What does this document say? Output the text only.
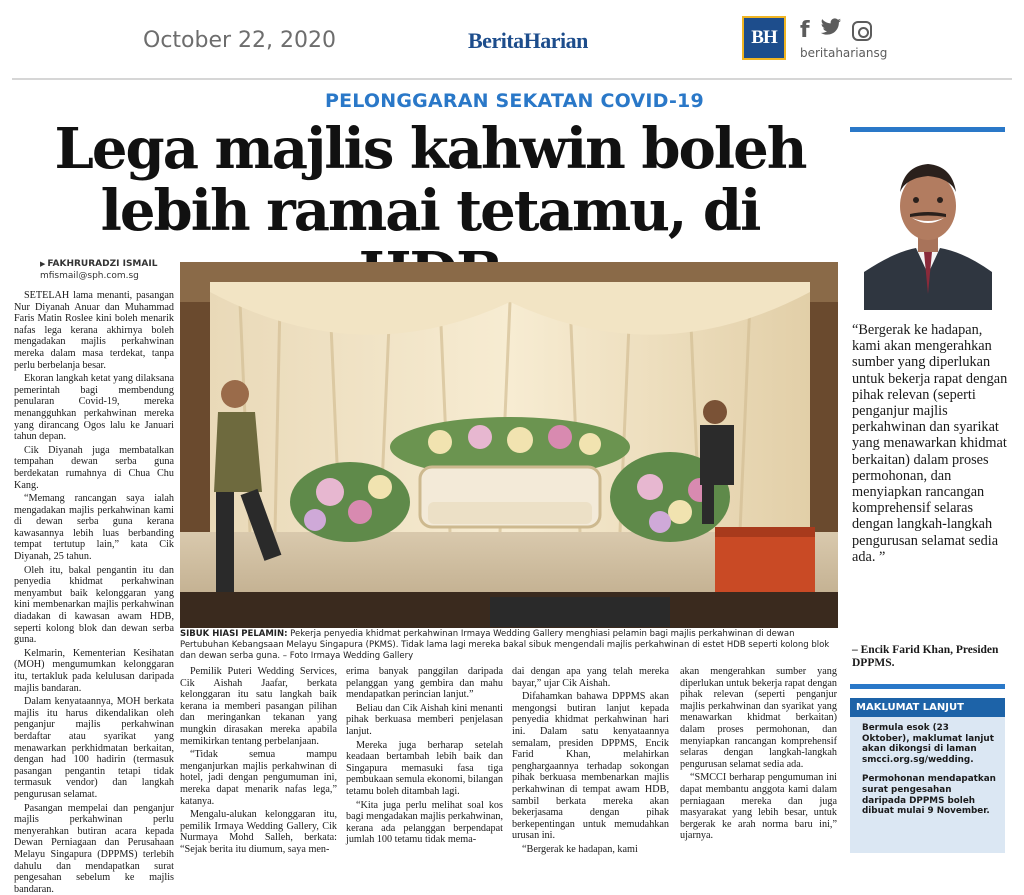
October 22, 2020	BeritaHarian	BH	f
beritahariansg
PELONGGARAN SEKATAN COVID-19
Lega majlis kahwin boleh
lebih ramai tetamu, di
▶ FAKHRURADZI ISMAIL
mfismail@sph.com.sg
SIBUK HIASI PELAMIN: Pekerja penyedia khidmat perkahwinan Irmaya Wedding Gallery menghiasi pelamin bagi majlis perkahwinan di dewan Pertubuhan Kebangsaan Melayu Singapura (PKMS). Tidak lama lagi mereka bakal sibuk mengendali majlis perkahwinan di estet HDB seperti kolong blok dan dewan serba guna. – Foto Irmaya Wedding Gallery

SETELAH lama menanti, pasangan Nur Diyanah Anuar dan Muhammad Faris Matin Roslee kini boleh menarik nafas lega kerana akhirnya boleh mengadakan majlis perkahwinan mereka dalam masa terdekat, tanpa perlu berbelanja besar.

Ekoran langkah ketat yang dilaksana pemerintah bagi membendung penularan Covid-19, mereka menangguhkan perkahwinan mereka yang dirancang Ogos lalu ke Januari tahun depan.

Cik Diyanah juga membatalkan tempahan dewan serba guna berdekatan rumahnya di Chua Chu Kang.

“Memang rancangan saya ialah mengadakan majlis perkahwinan kami di dewan serba guna kerana kawasannya lebih luas berbanding tempat tertutup lain,” kata Cik Diyanah, 25 tahun.

Oleh itu, bakal pengantin itu dan penyedia khidmat perkahwinan menyambut baik kelonggaran yang kini membenarkan majlis perkahwinan diadakan di kawasan awam HDB, seperti kolong blok dan dewan serba guna.

Kelmarin, Kementerian Kesihatan (MOH) mengumumkan kelonggaran itu, tertakluk pada kelulusan daripada majlis bandaran.

Dalam kenyataannya, MOH berkata majlis itu harus dikendalikan oleh penganjur majlis perkahwinan berdaftar atau syarikat yang menawarkan perkhidmatan berkaitan, dengan had 100 hadirin (termasuk pasangan pengantin tetapi tidak termasuk vendor) dan langkah pengurusan selamat.

Pasangan mempelai dan penganjur majlis perkahwinan perlu menyerahkan butiran acara kepada Dewan Perniagaan dan Perusahaan Melayu Singapura (DPPMS) terlebih dahulu dan mendapatkan surat pengesahan sebelum ke majlis bandaran.

Pemilik Puteri Wedding Services, Cik Aishah Jaafar, berkata kelonggaran itu satu langkah baik kerana ia memberi pasangan pilihan dan meringankan tekanan yang mungkin dirasakan mereka apabila memikirkan tentang perbelanjaan.

“Tidak semua mampu menganjurkan majlis perkahwinan di hotel, jadi dengan pengumuman ini, mereka dapat menarik nafas lega,” katanya.

Mengalu-alukan kelonggaran itu, pemilik Irmaya Wedding Gallery, Cik Nurmaya Mohd Salleh, berkata: “Sejak berita itu diumum, saya men-

erima banyak panggilan daripada pelanggan yang gembira dan mahu mendapatkan perincian lanjut.”

Beliau dan Cik Aishah kini menanti pihak berkuasa memberi penjelasan lanjut.

Mereka juga berharap setelah keadaan bertambah lebih baik dan Singapura memasuki fasa tiga pembukaan semula ekonomi, bilangan tetamu boleh ditambah lagi.

“Kita juga perlu melihat soal kos bagi mengadakan majlis perkahwinan, kerana ada pelanggan berpendapat jumlah 100 tetamu tidak mema-

dai dengan apa yang telah mereka bayar,” ujar Cik Aishah.

Difahamkan bahawa DPPMS akan mengongsi butiran lanjut kepada penyedia khidmat perkahwinan hari ini. Dalam satu kenyataannya semalam, presiden DPPMS, Encik Farid Khan, melahirkan penghargaannya terhadap sokongan pihak berkuasa membenarkan majlis perkahwinan di tempat awam HDB, sambil berkata mereka akan bekerjasama dengan pihak berkepentingan untuk memudahkan urusan ini.

“Bergerak ke hadapan, kami

akan mengerahkan sumber yang diperlukan untuk bekerja rapat dengan pihak relevan (seperti penganjur majlis perkahwinan dan syarikat yang menawarkan khidmat berkaitan) dalam proses permohonan, dan menyiapkan rancangan komprehensif selaras dengan langkah-langkah pengurusan selamat sedia ada.

“SMCCI berharap pengumuman ini dapat membantu anggota kami dalam perniagaan mereka dan juga masyarakat yang lebih besar, untuk bergerak ke arah norma baru ini,” ujarnya.

“Bergerak ke hadapan, kami akan mengerahkan sumber yang diperlukan untuk bekerja rapat dengan pihak relevan (seperti penganjur majlis perkahwinan dan syarikat yang menawarkan khidmat berkaitan) dalam proses permohonan, dan menyiapkan rancangan komprehensif selaras dengan langkah-langkah pengurusan selamat sedia ada. ”
– Encik Farid Khan, Presiden DPPMS.
MAKLUMAT LANJUT

Bermula esok (23 Oktober), maklumat lanjut akan dikongsi di laman smcci.org.sg/wedding.

Permohonan mendapatkan surat pengesahan daripada DPPMS boleh dibuat mulai 9 November.
